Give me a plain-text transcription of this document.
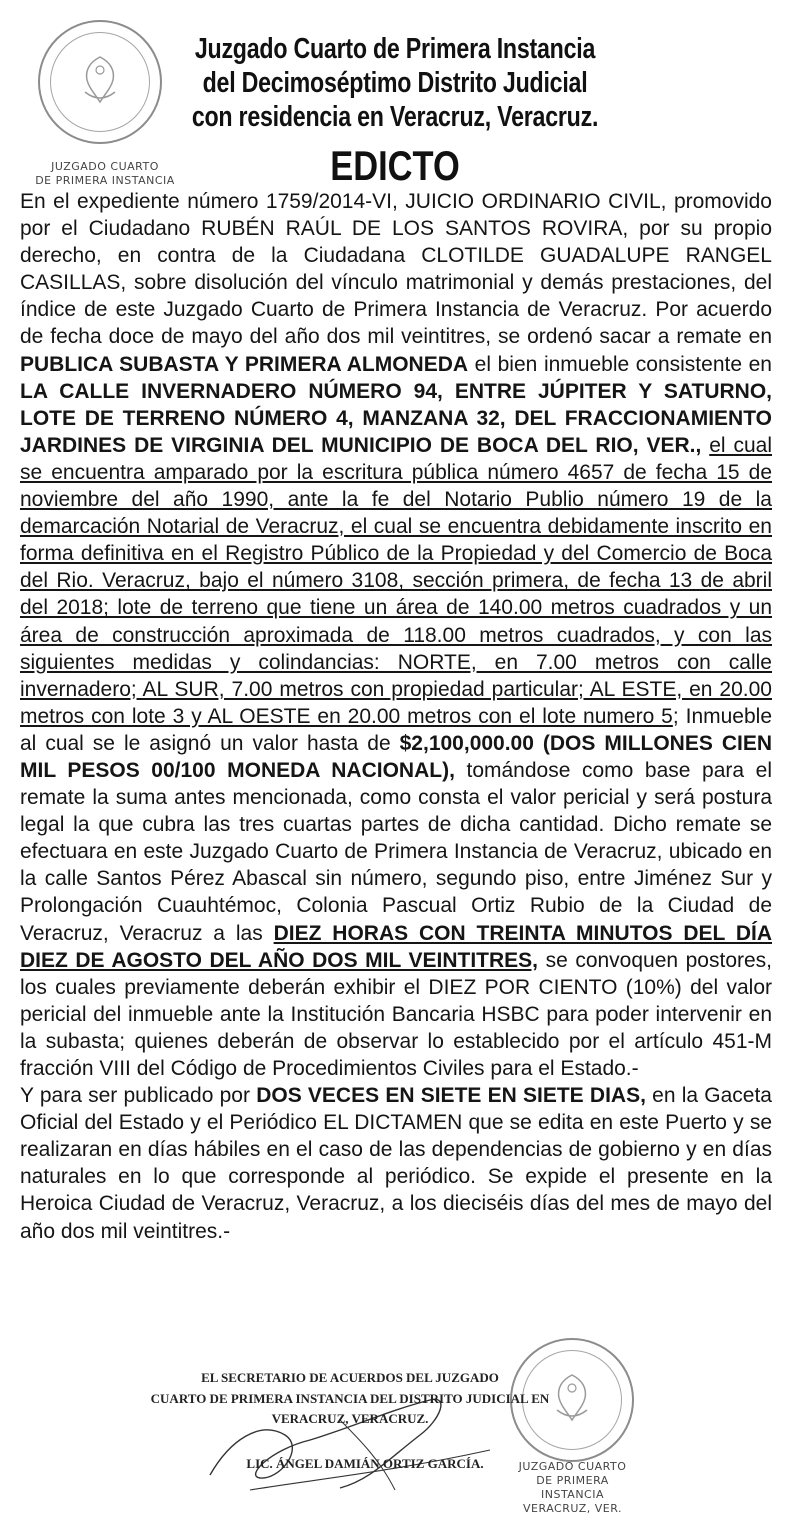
JUZGADO CUARTO
DE PRIMERA INSTANCIA
Juzgado Cuarto de Primera Instancia
del Decimoséptimo Distrito Judicial
con residencia en Veracruz, Veracruz.
EDICTO

En el expediente número 1759/2014-VI, JUICIO ORDINARIO CIVIL, promovido por el Ciudadano RUBÉN RAÚL DE LOS SANTOS ROVIRA, por su propio derecho, en contra de la Ciudadana CLOTILDE GUADALUPE RANGEL CASILLAS, sobre disolución del vínculo matrimonial y demás prestaciones, del índice de este Juzgado Cuarto de Primera Instancia de Veracruz. Por acuerdo de fecha doce de mayo del año dos mil veintitres, se ordenó sacar a remate en PUBLICA SUBASTA Y PRIMERA ALMONEDA el bien inmueble consistente en LA CALLE INVERNADERO NÚMERO 94, ENTRE JÚPITER Y SATURNO, LOTE DE TERRENO NÚMERO 4, MANZANA 32, DEL FRACCIONAMIENTO JARDINES DE VIRGINIA DEL MUNICIPIO DE BOCA DEL RIO, VER., el cual se encuentra amparado por la escritura pública número 4657 de fecha 15 de noviembre del año 1990, ante la fe del Notario Publio número 19 de la demarcación Notarial de Veracruz, el cual se encuentra debidamente inscrito en forma definitiva en el Registro Público de la Propiedad y del Comercio de Boca del Rio. Veracruz, bajo el número 3108, sección primera, de fecha 13 de abril del 2018; lote de terreno que tiene un área de 140.00 metros cuadrados y un área de construcción aproximada de 118.00 metros cuadrados, y con las siguientes medidas y colindancias: NORTE, en 7.00 metros con calle invernadero; AL SUR, 7.00 metros con propiedad particular; AL ESTE, en 20.00 metros con lote 3 y AL OESTE en 20.00 metros con el lote numero 5; Inmueble al cual se le asignó un valor hasta de $2,100,000.00 (DOS MILLONES CIEN MIL PESOS 00/100 MONEDA NACIONAL), tomándose como base para el remate la suma antes mencionada, como consta el valor pericial y será postura legal la que cubra las tres cuartas partes de dicha cantidad. Dicho remate se efectuara en este Juzgado Cuarto de Primera Instancia de Veracruz, ubicado en la calle Santos Pérez Abascal sin número, segundo piso, entre Jiménez Sur y Prolongación Cuauhtémoc, Colonia Pascual Ortiz Rubio de la Ciudad de Veracruz, Veracruz a las DIEZ HORAS CON TREINTA MINUTOS DEL DÍA DIEZ DE AGOSTO DEL AÑO DOS MIL VEINTITRES, se convoquen postores, los cuales previamente deberán exhibir el DIEZ POR CIENTO (10%) del valor pericial del inmueble ante la Institución Bancaria HSBC para poder intervenir en la subasta; quienes deberán de observar lo establecido por el artículo 451-M fracción VIII del Código de Procedimientos Civiles para el Estado.-

Y para ser publicado por DOS VECES EN SIETE EN SIETE DIAS, en la Gaceta Oficial del Estado y el Periódico EL DICTAMEN que se edita en este Puerto y se realizaran en días hábiles en el caso de las dependencias de gobierno y en días naturales en lo que corresponde al periódico. Se expide el presente en la Heroica Ciudad de Veracruz, Veracruz, a los dieciséis días del mes de mayo del año dos mil veintitres.-

JUZGADO CUARTO
DE PRIMERA INSTANCIA
VERACRUZ, VER.
EL SECRETARIO DE ACUERDOS DEL JUZGADO
CUARTO DE PRIMERA INSTANCIA DEL DISTRITO JUDICIAL EN
VERACRUZ, VERACRUZ.
LIC. ÁNGEL DAMIÁN ORTIZ GARCÍA.
